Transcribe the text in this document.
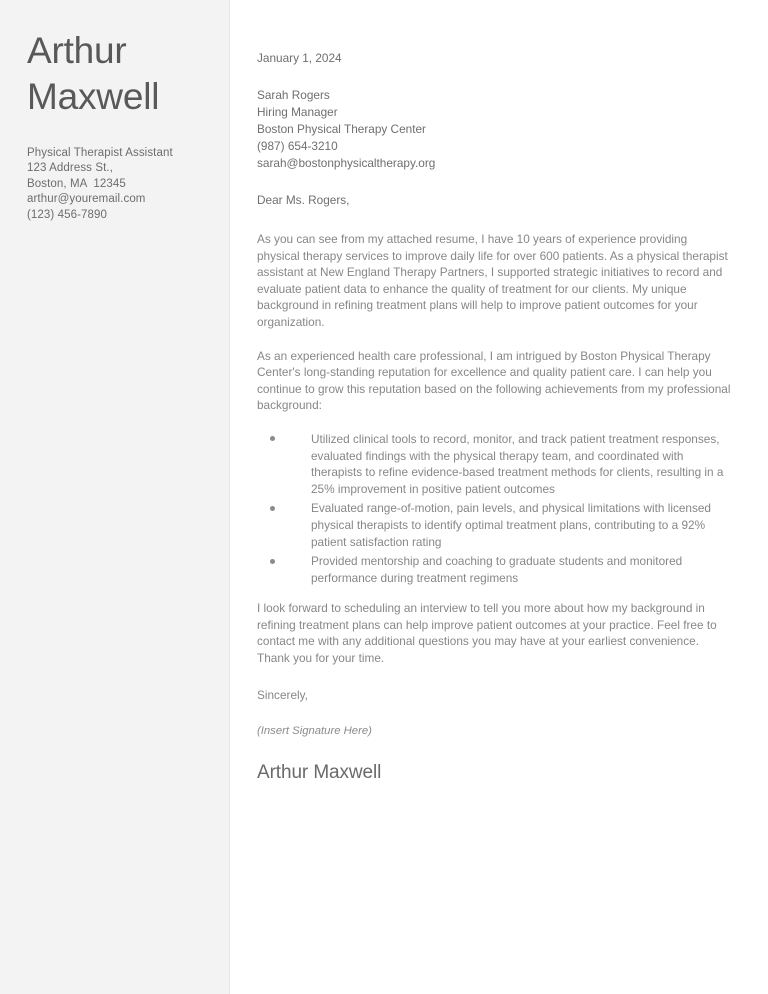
Arthur
Maxwell
Physical Therapist Assistant
123 Address St.,
Boston, MA  12345
arthur@youremail.com
(123) 456-7890

January 1, 2024

Sarah Rogers
Hiring Manager
Boston Physical Therapy Center
(987) 654-3210
sarah@bostonphysicaltherapy.org

Dear Ms. Rogers,

As you can see from my attached resume, I have 10 years of experience providing physical therapy services to improve daily life for over 600 patients. As a physical therapist assistant at New England Therapy Partners, I supported strategic initiatives to record and evaluate patient data to enhance the quality of treatment for our clients. My unique background in refining treatment plans will help to improve patient outcomes for your organization.

As an experienced health care professional, I am intrigued by Boston Physical Therapy Center's long-standing reputation for excellence and quality patient care. I can help you continue to grow this reputation based on the following achievements from my professional background:

Utilized clinical tools to record, monitor, and track patient treatment responses, evaluated findings with the physical therapy team, and coordinated with therapists to refine evidence-based treatment methods for clients, resulting in a 25% improvement in positive patient outcomes
Evaluated range-of-motion, pain levels, and physical limitations with licensed physical therapists to identify optimal treatment plans, contributing to a 92% patient satisfaction rating
Provided mentorship and coaching to graduate students and monitored performance during treatment regimens

I look forward to scheduling an interview to tell you more about how my background in refining treatment plans can help improve patient outcomes at your practice. Feel free to contact me with any additional questions you may have at your earliest convenience. Thank you for your time.

Sincerely,

(Insert Signature Here)

Arthur Maxwell
